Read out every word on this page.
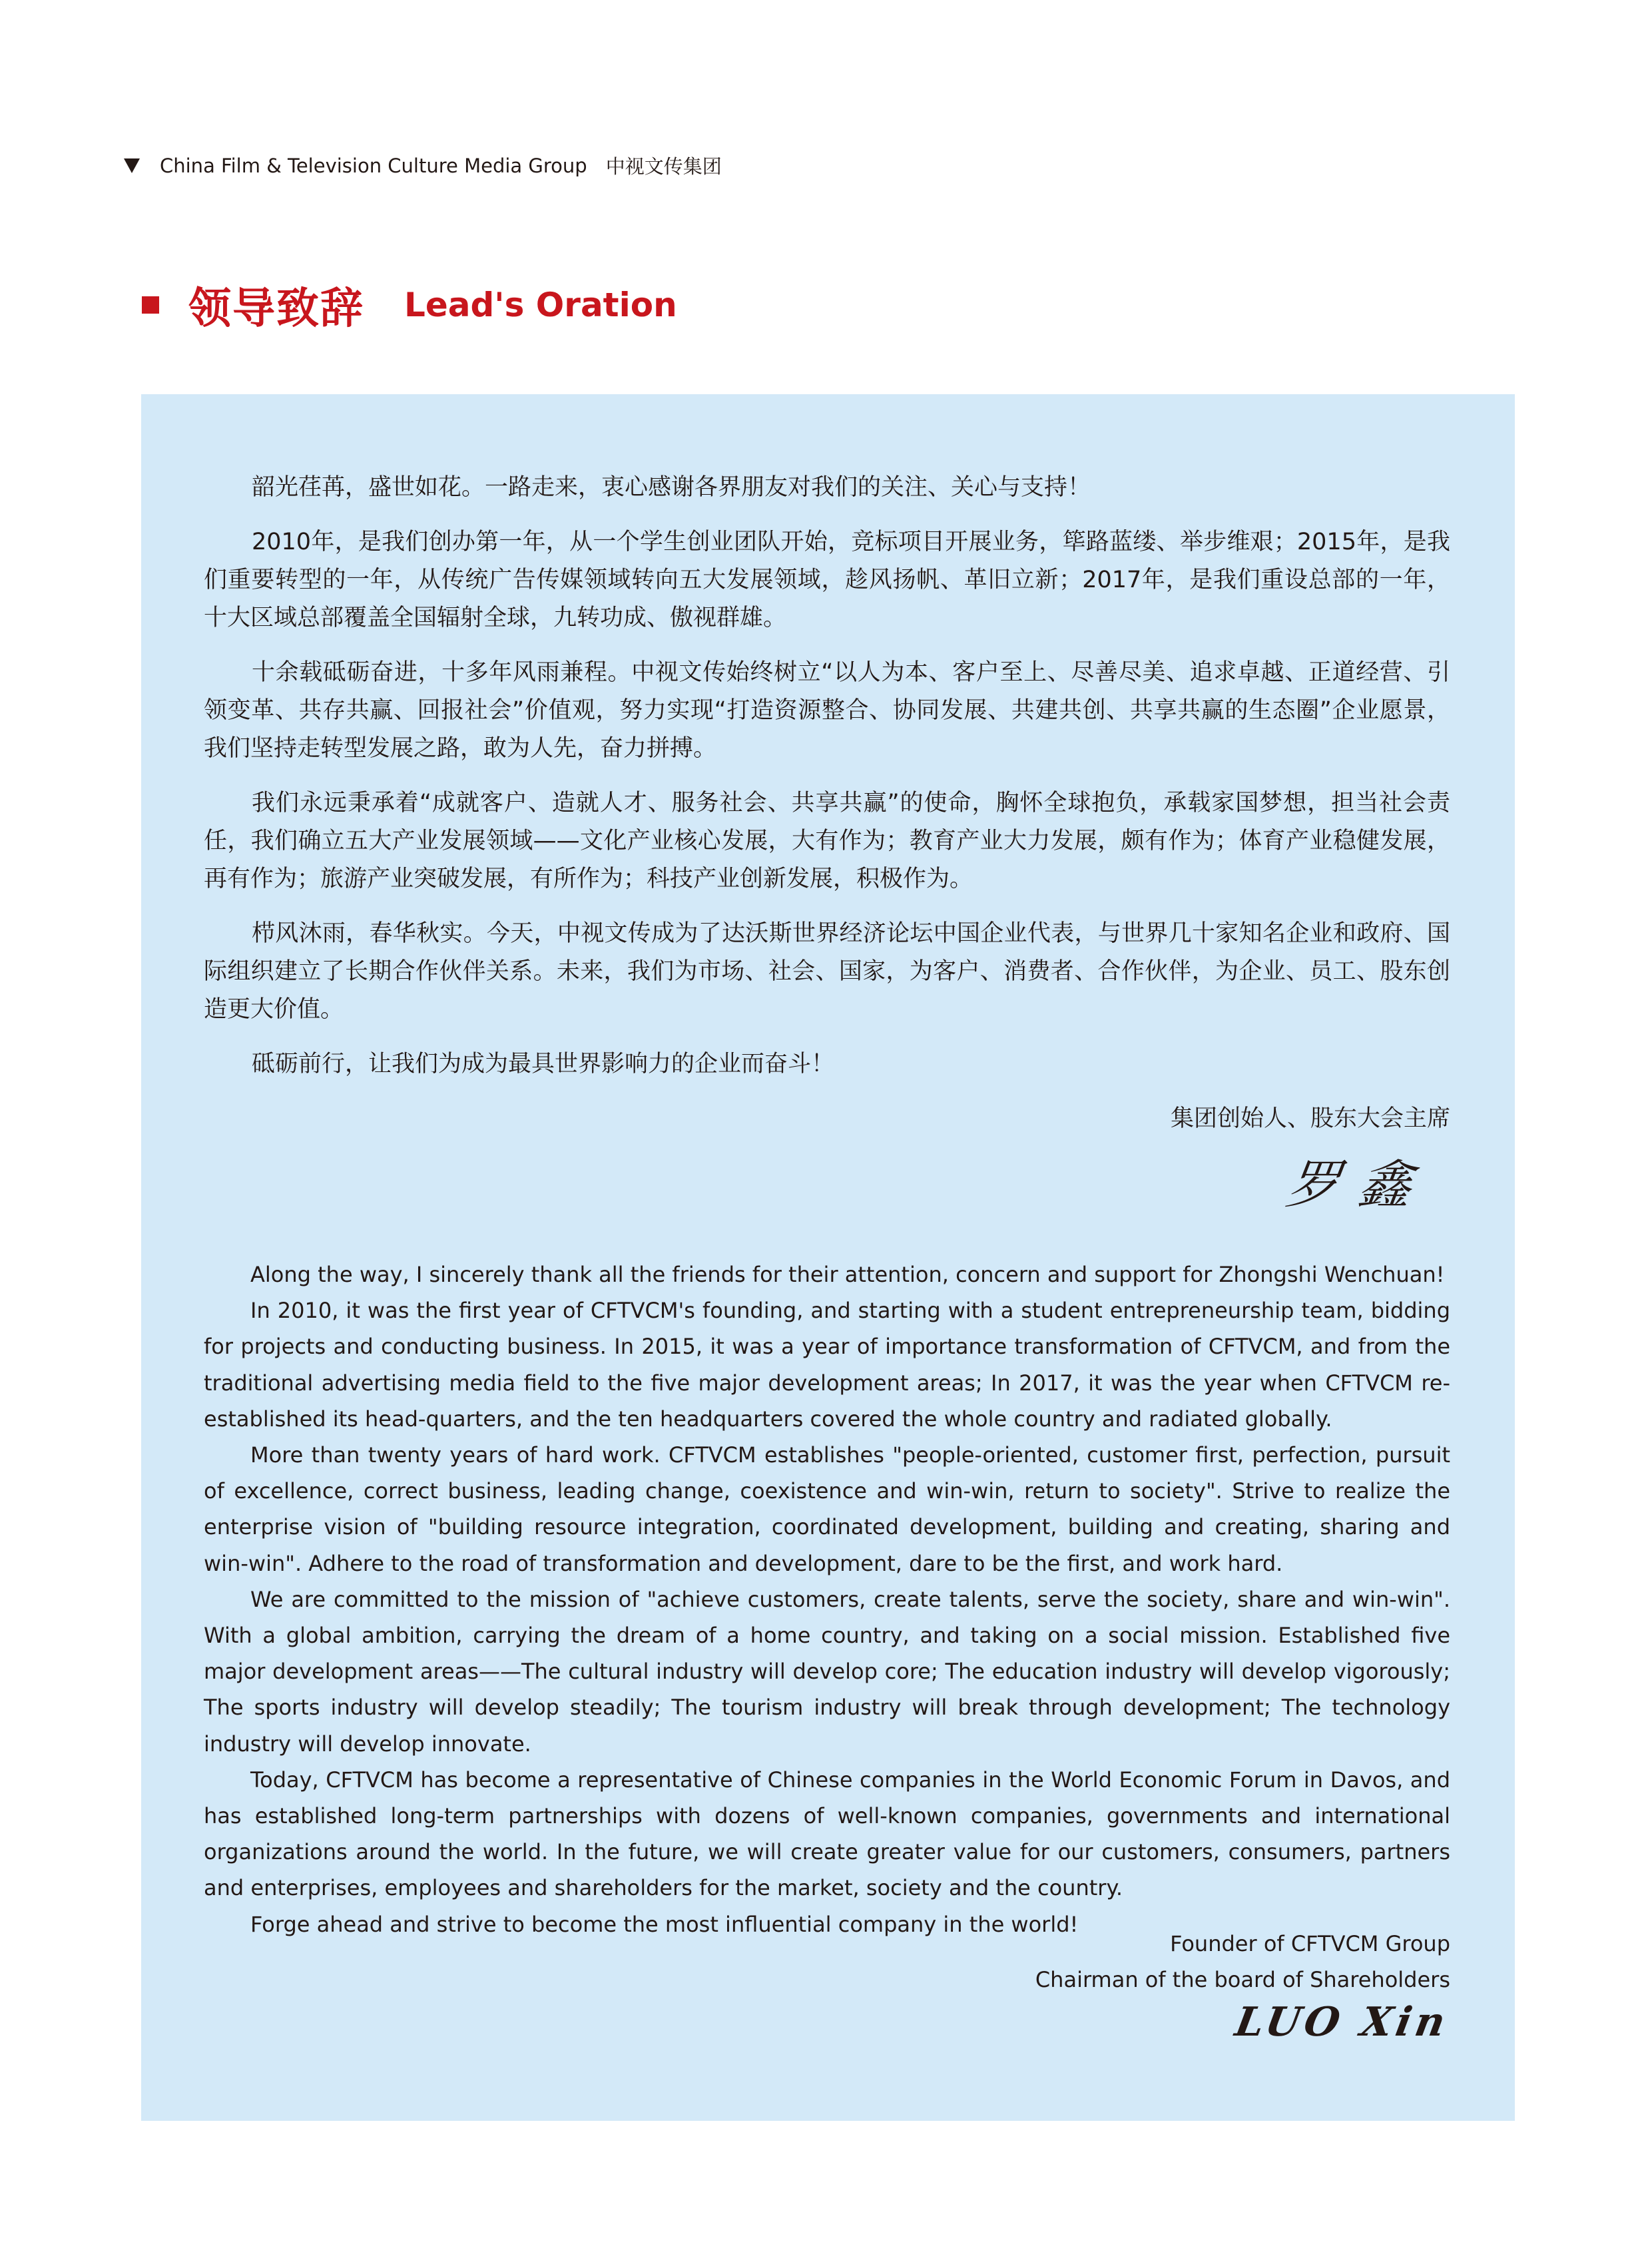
China Film & Television Culture Media Group 中视文传集团
领导致辞 Lead's Oration

韶光荏苒，盛世如花。一路走来，衷心感谢各界朋友对我们的关注、关心与支持！

2010年，是我们创办第一年，从一个学生创业团队开始，竞标项目开展业务，筚路蓝缕、举步维艰；2015年，是我们重要转型的一年，从传统广告传媒领域转向五大发展领域，趁风扬帆、革旧立新；2017年，是我们重设总部的一年，十大区域总部覆盖全国辐射全球，九转功成、傲视群雄。

十余载砥砺奋进，十多年风雨兼程。中视文传始终树立“以人为本、客户至上、尽善尽美、追求卓越、正道经营、引领变革、共存共赢、回报社会”价值观，努力实现“打造资源整合、协同发展、共建共创、共享共赢的生态圈”企业愿景，我们坚持走转型发展之路，敢为人先，奋力拼搏。

我们永远秉承着“成就客户、造就人才、服务社会、共享共赢”的使命，胸怀全球抱负，承载家国梦想，担当社会责任，我们确立五大产业发展领域——文化产业核心发展，大有作为；教育产业大力发展，颇有作为；体育产业稳健发展，再有作为；旅游产业突破发展，有所作为；科技产业创新发展，积极作为。

栉风沐雨，春华秋实。今天，中视文传成为了达沃斯世界经济论坛中国企业代表，与世界几十家知名企业和政府、国际组织建立了长期合作伙伴关系。未来，我们为市场、社会、国家，为客户、消费者、合作伙伴，为企业、员工、股东创造更大价值。

砥砺前行，让我们为成为最具世界影响力的企业而奋斗！

集团创始人、股东大会主席
罗鑫

Along the way, I sincerely thank all the friends for their attention, concern and support for Zhongshi Wenchuan!

In 2010, it was the first year of CFTVCM's founding, and starting with a student entrepreneurship team, bidding for projects and conducting business. In 2015, it was a year of importance transformation of CFTVCM, and from the traditional advertising media field to the five major development areas; In 2017, it was the year when CFTVCM re-established its head-quarters, and the ten headquarters covered the whole country and radiated globally.

More than twenty years of hard work. CFTVCM establishes "people-oriented, customer first, perfection, pursuit of excellence, correct business, leading change, coexistence and win-win, return to society". Strive to realize the enterprise vision of "building resource integration, coordinated development, building and creating, sharing and win-win". Adhere to the road of transformation and development, dare to be the first, and work hard.

We are committed to the mission of "achieve customers, create talents, serve the society, share and win-win". With a global ambition, carrying the dream of a home country, and taking on a social mission. Established five major development areas——The cultural industry will develop core; The education industry will develop vigorously; The sports industry will develop steadily; The tourism industry will break through development; The technology industry will develop innovate.

Today, CFTVCM has become a representative of Chinese companies in the World Economic Forum in Davos, and has established long-term partnerships with dozens of well-known companies, governments and international organizations around the world. In the future, we will create greater value for our customers, consumers, partners and enterprises, employees and shareholders for the market, society and the country.

Forge ahead and strive to become the most influential company in the world!

Founder of CFTVCM Group
Chairman of the board of Shareholders
LUO Xin
